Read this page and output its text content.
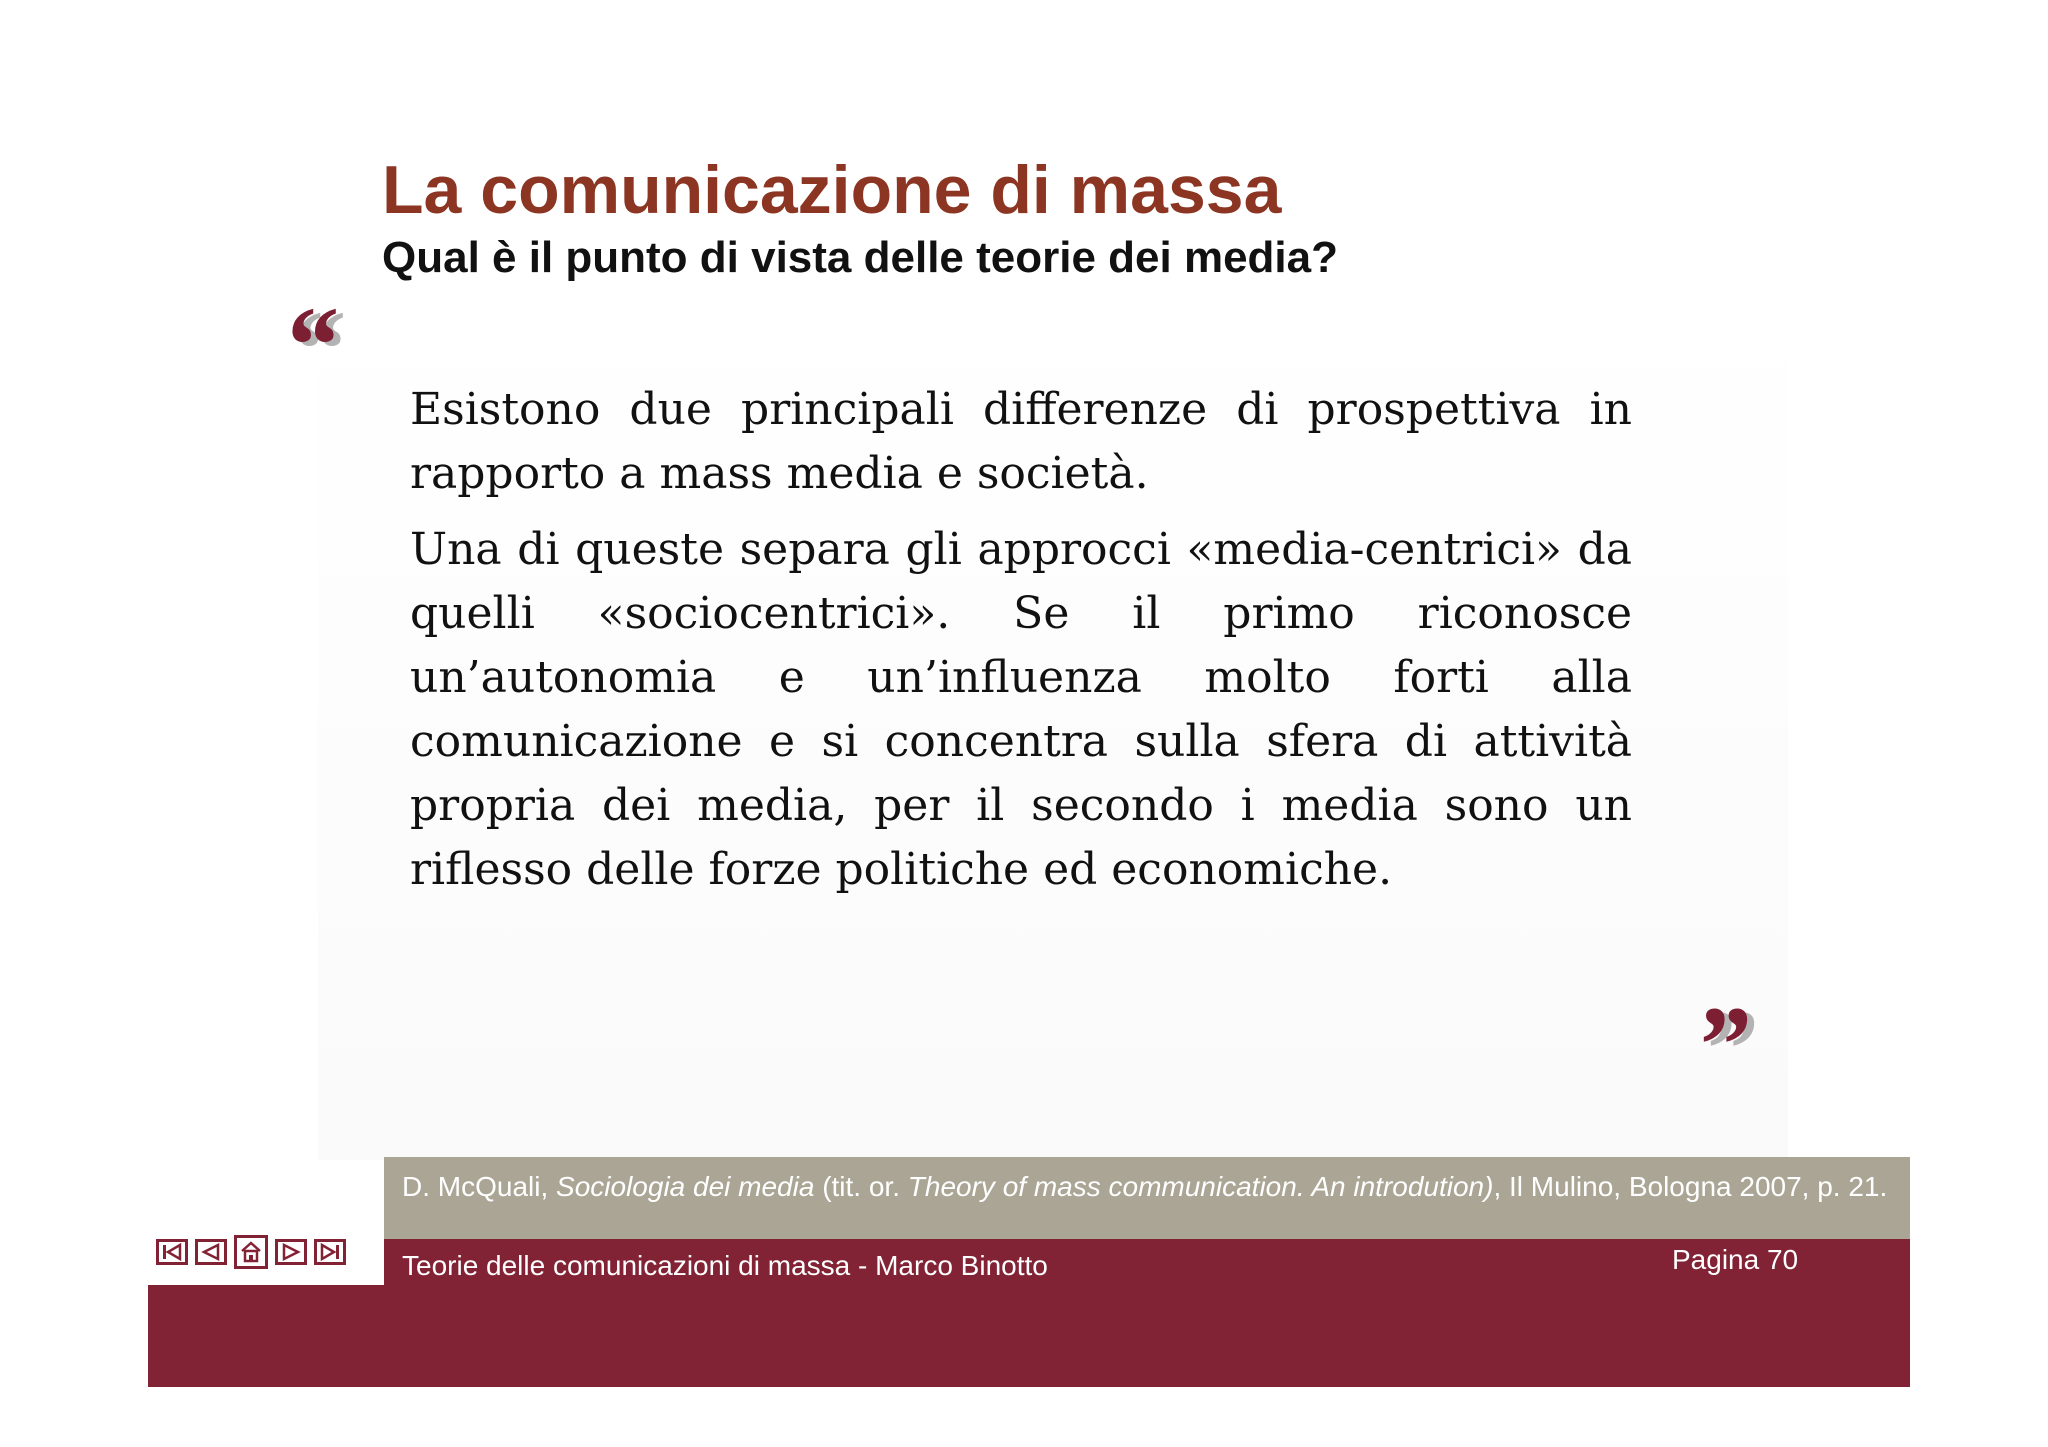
La comunicazione di massa
Qual è il punto di vista delle teorie dei media?
“

Esistono due principali differenze di prospettiva in rapporto a mass media e società.

Una di queste separa gli approcci «media-centrici» da quelli «sociocentrici». Se il primo riconosce un’autonomia e un’influenza molto forti alla comunicazione e si concentra sulla sfera di attività propria dei media, per il secondo i media sono un riflesso delle forze politiche ed economiche.

”
D. McQuali, Sociologia dei media (tit. or. Theory of mass communication. An introdution), Il Mulino, Bologna 2007, p. 21.
Teorie delle comunicazioni di massa - Marco Binotto	Pagina 70
